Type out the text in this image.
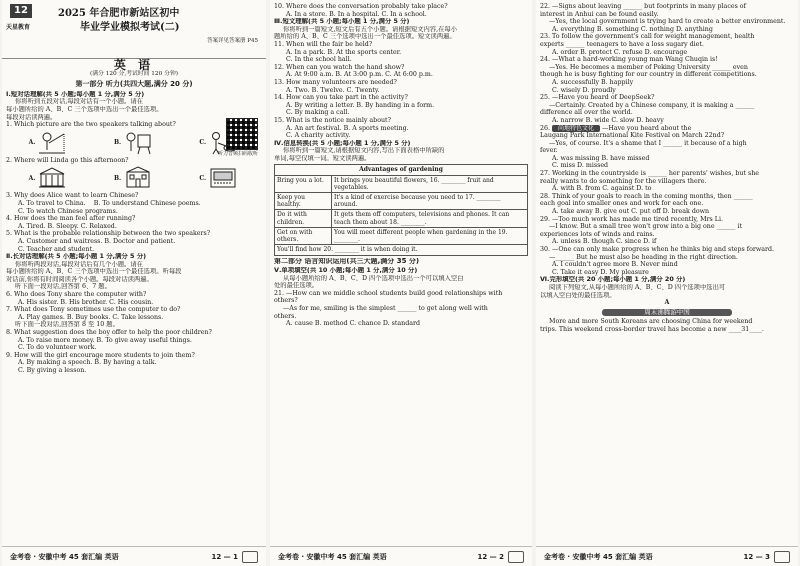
12
天星教育
2025 年合肥市新站区初中
毕业学业模拟考试(二)
答案详见答案册 P45
英 语
(满分 120 分,考试时间 120 分钟)
第一部分 听力(共四大题,满分 20 分)
Ⅰ.短对话理解(共 5 小题;每小题 1 分,满分 5 分)
你将听到五段对话,每段对话有一个小题。请在
每小题所给的 A、B、C 三个选项中选出一个最佳选项。
每段对话读两遍。
1. Which picture are the two speakers talking about?
A.	B.	C.
2. Where will Linda go this afternoon?
A.	B.	C.
3. Why does Alice want to learn Chinese?
A. To travel to China. B. To understand Chinese poems.
C. To watch Chinese programs.
4. How does the man feel after running?
A. Tired. B. Sleepy. C. Relaxed.
5. What is the probable relationship between the two speakers?
A. Customer and waitress. B. Doctor and patient.
C. Teacher and student.
Ⅱ.长对话理解(共 5 小题;每小题 1 分,满分 5 分)
你将听两段对话,每段对话后有几个小题。请在
每小题所给的 A、B、C 三个选项中选出一个最佳选项。听每段
对话前,你将有时间阅读各个小题。每段对话读两遍。
听下面一段对话,回答第 6、7 题。
6. Who does Tony share the computer with?
A. His sister. B. His brother. C. His cousin.
7. What does Tony sometimes use the computer to do?
A. Play games. B. Buy books. C. Take lessons.
听下面一段对话,回答第 8 至 10 题。
8. What suggestion does the boy offer to help the poor children?
A. To raise more money. B. To give away useful things.
C. To do volunteer work.
9. How will the girl encourage more students to join them?
A. By making a speech. B. By having a talk.
C. By giving a lesson.
听力音频扫码收听
金考卷 · 安徽中考 45 套汇编 英语	12 — 1
10. Where does the conversation probably take place?
A. In a store. B. In a hospital. C. In a school.
Ⅲ.短文理解(共 5 小题;每小题 1 分,满分 5 分)
你将听到一篇短文,短文后有五个小题。请根据短文内容,在每小
题所给的 A、B、C 三个选项中选出一个最佳选项。短文读两遍。
11. When will the fair be held?
A. In a park. B. At the sports center.
C. In the school hall.
12. When can you watch the hand show?
A. At 9:00 a.m. B. At 3:00 p.m. C. At 6:00 p.m.
13. How many volunteers are needed?
A. Two. B. Twelve. C. Twenty.
14. How can you take part in the activity?
A. By writing a letter. B. By handing in a form.
C. By making a call.
15. What is the notice mainly about?
A. An art festival. B. A sports meeting.
C. A charity activity.
Ⅳ.信息转换(共 5 小题;每小题 1 分,满分 5 分)
你将听到一篇短文,请根据短文内容,写出下面表格中所缺的
单词,每空仅填一词。短文读两遍。
Advantages of gardening	
Bring you a lot.	It brings you beautiful flowers, 16. ________ fruit and vegetables.
Keep you healthy.	It's a kind of exercise because you need to 17. ________ around.
Do it with children.	It gets them off computers, televisions and phones. It can teach them about 18. ________.
Get on with others.	You will meet different people when gardening in the 19. ________.
You'll find how 20. ________ it is when doing it.	
第二部分 语言知识运用(共三大题,满分 35 分)
Ⅴ.单项填空(共 10 小题;每小题 1 分,满分 10 分)
从每小题所给的 A、B、C、D 四个选项中选出一个可以填入空白
处的最佳选项。
21. —How can we middle school students build good relationships with
others?
—As for me, smiling is the simplest ______ to get along well with
others.
A. cause B. method C. chance D. standard
金考卷 · 安徽中考 45 套汇编 英语	12 — 2
22. —Signs about leaving ______ but footprints in many places of
interest in Anhui can be found easily.
—Yes, the local government is trying hard to create a better environment.
A. everything B. something C. nothing D. anything
23. To follow the government's call for weight management, health
experts ______ teenagers to have a loss sugary diet.
A. order B. protect C. refuse D. encourage
24. —What a hard-working young man Wang Chuqin is!
—Yes. He becomes a member of Peking University ______ even
though he is busy fighting for our country in different competitions.
A. successfully B. happily
C. wisely D. proudly
25. —Have you heard of DeepSeek?
—Certainly. Created by a Chinese company, it is making a ______
difference all over the world.
A. narrow B. wide C. slow D. heavy
26. 尚地特色文化 —Have you heard about the
Laugang Park International Kite Festival on March 22nd?
—Yes, of course. It's a shame that I ______ it because of a high
fever.
A. was missing B. have missed
C. miss D. missed
27. Working in the countryside is ______ her parents' wishes, but she
really wants to do something for the villagers there.
A. with B. from C. against D. to
28. Think of your goals to reach in the coming months, then ______
each goal into smaller ones and work for each one.
A. take away B. give out C. put off D. break down
29. —Too much work has made me tired recently, Mrs Li.
—I know. But a small tree won't grow into a big one ______ it
experiences lots of winds and rains.
A. unless B. though C. since D. if
30. —One can only make progress when he thinks big and steps forward.
—______ But he must also be heading in the right direction.
A. I couldn't agree more B. Never mind
C. Take it easy D. My pleasure
Ⅵ.完形填空(共 20 小题;每小题 1 分,满分 20 分)
阅读下列短文,从每小题所给的 A、B、C、D 四个选项中选出可
以填入空白处的最佳选项。
A
周末沸腾游中国
More and more South Koreans are choosing China for weekend
trips. This weekend cross-border travel has become a new ____31____.
金考卷 · 安徽中考 45 套汇编 英语	12 — 3
